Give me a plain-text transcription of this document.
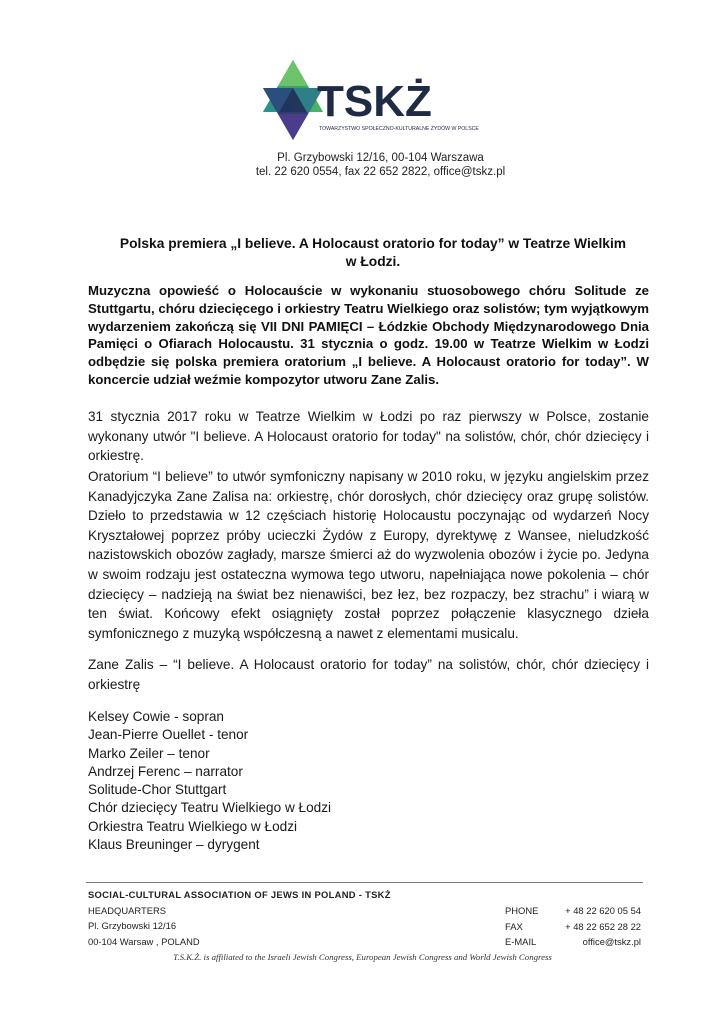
TSKŻ
TOWARZYSTWO SPOŁECZNO-KULTURALNE ŻYDÓW W POLSCE
Pl. Grzybowski 12/16, 00-104 Warszawa
tel. 22 620 0554, fax 22 652 2822, office@tskz.pl
Polska premiera „I believe. A Holocaust oratorio for today” w Teatrze Wielkim
w Łodzi.
Muzyczna opowieść o Holocauście w wykonaniu stuosobowego chóru Solitude ze Stuttgartu, chóru dziecięcego i orkiestry Teatru Wielkiego oraz solistów; tym wyjątkowym wydarzeniem zakończą się VII DNI PAMIĘCI – Łódzkie Obchody Międzynarodowego Dnia Pamięci o Ofiarach Holocaustu. 31 stycznia o godz. 19.00 w Teatrze Wielkim w Łodzi odbędzie się polska premiera oratorium „I believe. A Holocaust oratorio for today”. W koncercie udział weźmie kompozytor utworu Zane Zalis.
31 stycznia 2017 roku w Teatrze Wielkim w Łodzi po raz pierwszy w Polsce, zostanie wykonany utwór "I believe. A Holocaust oratorio for today" na solistów, chór, chór dziecięcy i orkiestrę.
Oratorium “I believe” to utwór symfoniczny napisany w 2010 roku, w języku angielskim przez Kanadyjczyka Zane Zalisa na: orkiestrę, chór dorosłych, chór dziecięcy oraz grupę solistów. Dzieło to przedstawia w 12 częściach historię Holocaustu poczynając od wydarzeń Nocy Kryształowej poprzez próby ucieczki Żydów z Europy, dyrektywę z Wansee, nieludzkość nazistowskich obozów zagłady, marsze śmierci aż do wyzwolenia obozów i życie po. Jedyna w swoim rodzaju jest ostateczna wymowa tego utworu, napełniająca nowe pokolenia – chór dziecięcy – nadzieją na świat bez nienawiści, bez łez, bez rozpaczy, bez strachu” i wiarą w ten świat. Końcowy efekt osiągnięty został poprzez połączenie klasycznego dzieła symfonicznego z muzyką współczesną a nawet z elementami musicalu.
Zane Zalis – “I believe. A Holocaust oratorio for today” na solistów, chór, chór dziecięcy i orkiestrę
Kelsey Cowie - sopran
Jean-Pierre Ouellet - tenor
Marko Zeiler – tenor
Andrzej Ferenc – narrator
Solitude-Chor Stuttgart
Chór dziecięcy Teatru Wielkiego w Łodzi
Orkiestra Teatru Wielkiego w Łodzi
Klaus Breuninger – dyrygent
SOCIAL-CULTURAL ASSOCIATION OF JEWS IN POLAND - TSKŻ
HEADQUARTERS
Pl. Grzybowski 12/16
00-104 Warsaw , POLAND
PHONE
FAX
E-MAIL
+ 48 22 620 05 54
+ 48 22 652 28 22
office@tskz.pl
T.S.K.Ż. is affiliated to the Israeli Jewish Congress, European Jewish Congress and World Jewish Congress
